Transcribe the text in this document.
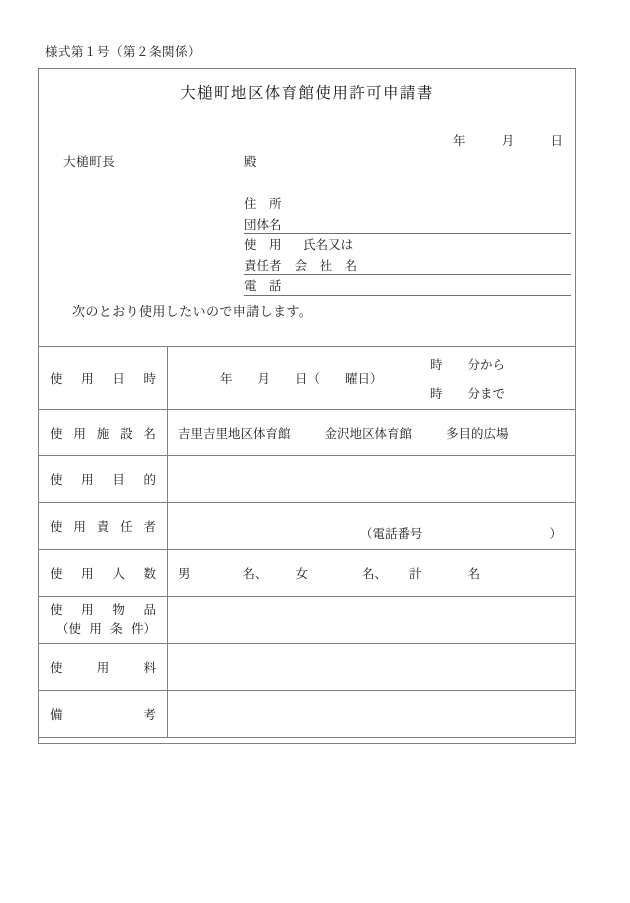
様式第１号（第２条関係）
大槌町地区体育館使用許可申請書
年	月	日
大槌町長	殿
住　所
団体名
使　用 氏名又は
責任者 会　社　名
電　話
次のとおり使用したいので申請します。
使 用 日 時	年　　月　　日（　　曜日）
時　　分から
時　　分まで

使 用 施 設 名	吉里吉里地区体育館 金沢地区体育館 多目的広場

使 用 目 的	

使 用 責 任 者	（電話番号 ）

使 用 人 数	男	名、 女	名、 計	名

使 用 物 品
（使 用 条 件）

使 用 料	

備 考	
